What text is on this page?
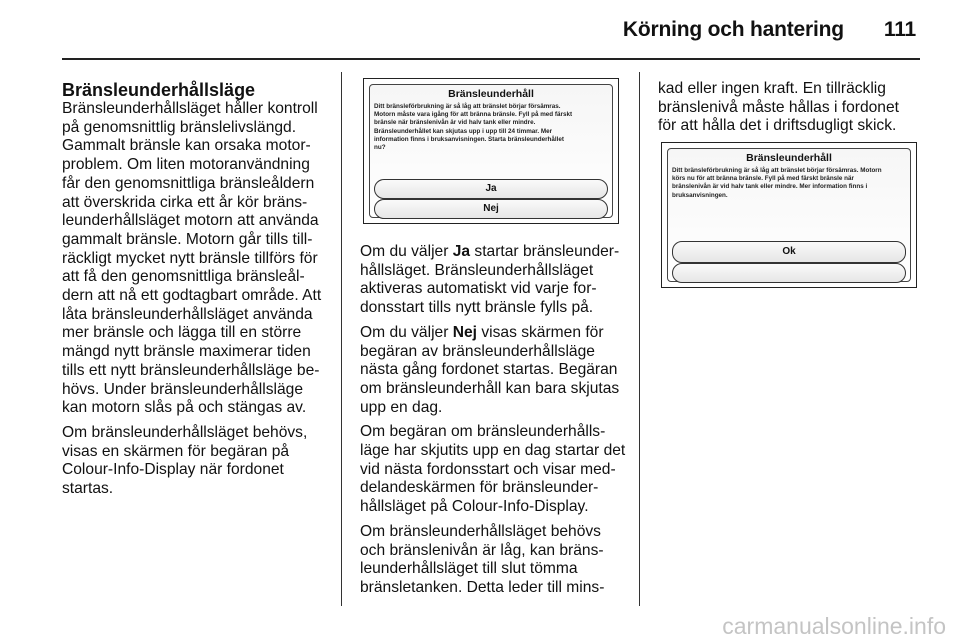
Körning och hantering 111
Bränsleunderhållsläge

Bränsleunderhållsläget håller kontroll på genomsnittlig bränslelivslängd. Gammalt bränsle kan orsaka motor-problem. Om liten motoranvändning får den genomsnittliga bränsleåldern att överskrida cirka ett år kör bräns-leunderhållsläget motorn att använda gammalt bränsle. Motorn går tills till-räckligt mycket nytt bränsle tillförs för att få den genomsnittliga bränsleål-dern att nå ett godtagbart område. Att låta bränsleunderhållsläget använda mer bränsle och lägga till en större mängd nytt bränsle maximerar tiden tills ett nytt bränsleunderhållsläge be-hövs. Under bränsleunderhållsläge kan motorn slås på och stängas av.

Om bränsleunderhållsläget behövs, visas en skärmen för begäran på Colour-Info-Display när fordonet startas.

Bränsleunderhåll
Ditt bränsleförbrukning är så låg att bränslet börjar försämras. Motorn måste vara igång för att bränna bränsle. Fyll på med färskt bränsle när bränslenivån är vid halv tank eller mindre. Bränsleunderhållet kan skjutas upp i upp till 24 timmar. Mer information finns i bruksanvisningen. Starta bränsleunderhållet nu?
Ja
Nej

Om du väljer Ja startar bränsleunder-hållsläget. Bränsleunderhållsläget aktiveras automatiskt vid varje for-donsstart tills nytt bränsle fylls på.

Om du väljer Nej visas skärmen för begäran av bränsleunderhållsläge nästa gång fordonet startas. Begäran om bränsleunderhåll kan bara skjutas upp en dag.

Om begäran om bränsleunderhålls-läge har skjutits upp en dag startar det vid nästa fordonsstart och visar med-delandeskärmen för bränsleunder-hållsläget på Colour-Info-Display.

Om bränsleunderhållsläget behövs och bränslenivån är låg, kan bräns-leunderhållsläget till slut tömma bränsletanken. Detta leder till mins-

kad eller ingen kraft. En tillräcklig bränslenivå måste hållas i fordonet för att hålla det i driftsdugligt skick.

Bränsleunderhåll
Ditt bränsleförbrukning är så låg att bränslet börjar försämras. Motorn körs nu för att bränna bränsle. Fyll på med färskt bränsle när bränslenivån är vid halv tank eller mindre. Mer information finns i bruksanvisningen.
Ok
carmanualsonline.info
